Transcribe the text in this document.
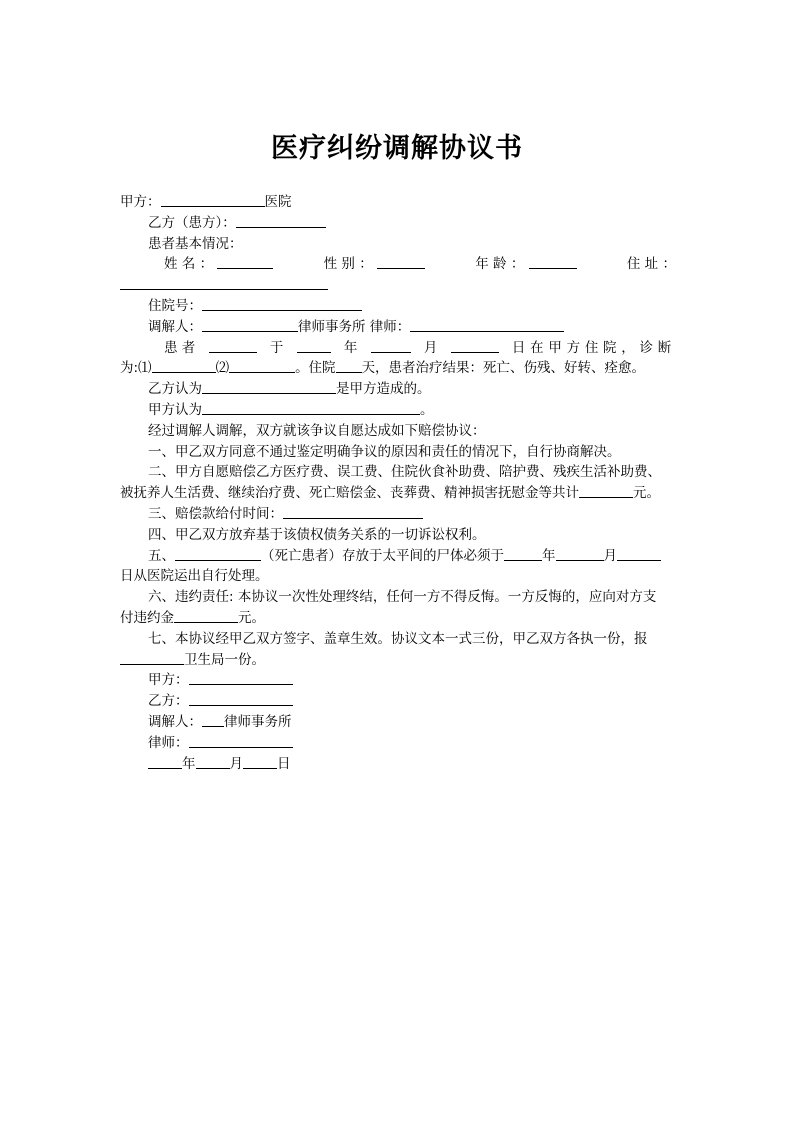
医疗纠纷调解协议书
甲方：	医院
乙方（患方）：
患者基本情况：
姓 名 ：	性 别 ：	年 龄 ：	住 址 ：
住院号：
调解人：	律师事务所 律师：
患 者	于	年	月	日在甲方住院，诊断
为:⑴	⑵	。住院 天，患者治疗结果：死亡、伤残、好转、痊愈。
乙方认为	是甲方造成的。
甲方认为	。
经过调解人调解，双方就该争议自愿达成如下赔偿协议：
一、甲乙双方同意不通过鉴定明确争议的原因和责任的情况下，自行协商解决。
二、甲方自愿赔偿乙方医疗费、误工费、住院伙食补助费、陪护费、残疾生活补助费、
被抚养人生活费、继续治疗费、死亡赔偿金、丧葬费、精神损害抚慰金等共计	元。
三、赔偿款给付时间：
四、甲乙双方放弃基于该债权债务关系的一切诉讼权利。
五、	（死亡患者）存放于太平间的尸体必须于	年	月
日从医院运出自行处理。
六、违约责任: 本协议一次性处理终结，任何一方不得反悔。一方反悔的，应向对方支
付违约金	元。
七、本协议经甲乙双方签字、盖章生效。协议文本一式三份，甲乙双方各执一份，报
卫生局一份。
甲方：
乙方：
调解人： 律师事务所
律师：
年	月	日
